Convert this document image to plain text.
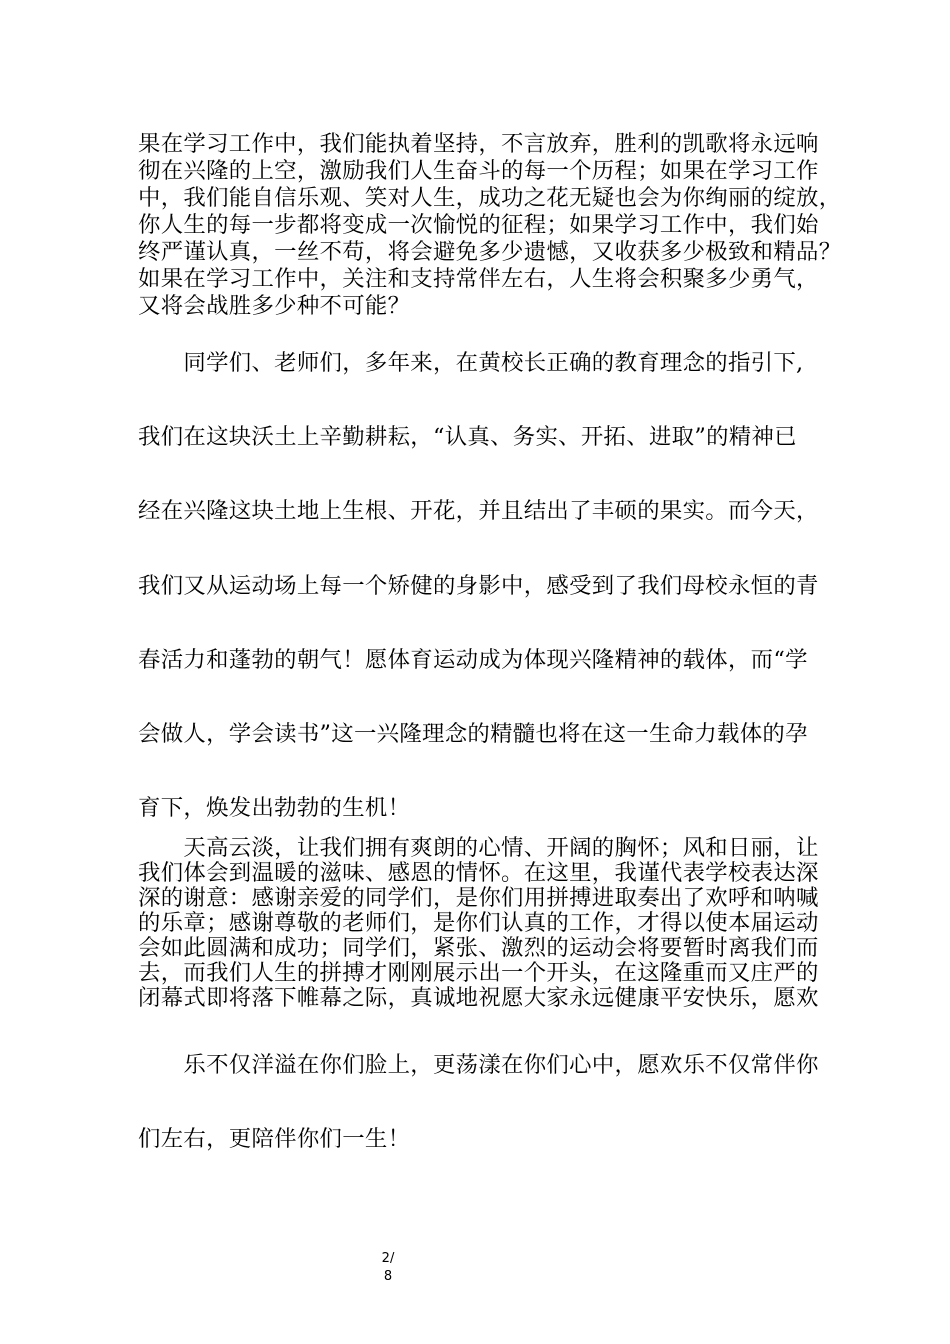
果在学习工作中，我们能执着坚持，不言放弃，胜利的凯歌将永远响
彻在兴隆的上空，激励我们人生奋斗的每一个历程；如果在学习工作
中，我们能自信乐观、笑对人生，成功之花无疑也会为你绚丽的绽放，
你人生的每一步都将变成一次愉悦的征程；如果学习工作中，我们始
终严谨认真，一丝不苟，将会避免多少遗憾，又收获多少极致和精品？
如果在学习工作中，关注和支持常伴左右，人生将会积聚多少勇气，
又将会战胜多少种不可能？
　　同学们、老师们，多年来，在黄校长正确的教育理念的指引下,
我们在这块沃土上辛勤耕耘，“认真、务实、开拓、进取”的精神已
经在兴隆这块土地上生根、开花，并且结出了丰硕的果实。而今天，
我们又从运动场上每一个矫健的身影中，感受到了我们母校永恒的青
春活力和蓬勃的朝气！愿体育运动成为体现兴隆精神的载体，而“学
会做人，学会读书”这一兴隆理念的精髓也将在这一生命力载体的孕
育下，焕发出勃勃的生机！
　　天高云淡，让我们拥有爽朗的心情、开阔的胸怀；风和日丽，让
我们体会到温暖的滋味、感恩的情怀。在这里，我谨代表学校表达深
深的谢意：感谢亲爱的同学们，是你们用拼搏进取奏出了欢呼和呐喊
的乐章；感谢尊敬的老师们，是你们认真的工作，才得以使本届运动
会如此圆满和成功；同学们，紧张、激烈的运动会将要暂时离我们而
去，而我们人生的拼搏才刚刚展示出一个开头，在这隆重而又庄严的
闭幕式即将落下帷幕之际，真诚地祝愿大家永远健康平安快乐，愿欢
　　乐不仅洋溢在你们脸上，更荡漾在你们心中，愿欢乐不仅常伴你
们左右，更陪伴你们一生！
2/
8
